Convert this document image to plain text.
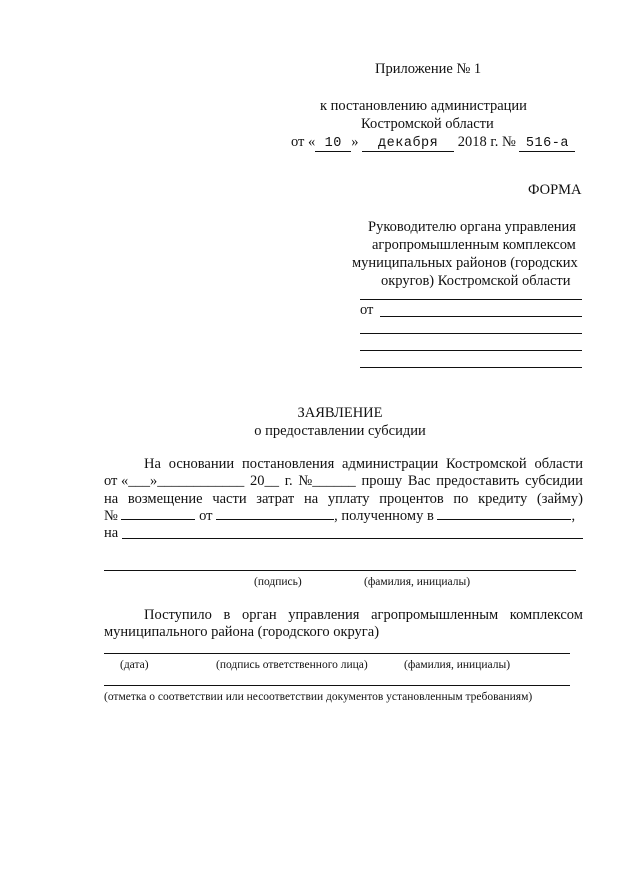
Приложение № 1
к постановлению администрации
Костромской области
от « 10 » декабря 2018 г. № 516-а
ФОРМА
Руководителю органа управления
агропромышленным комплексом
муниципальных районов (городских
округов) Костромской области
от
ЗАЯВЛЕНИЕ
о предоставлении субсидии
На основании постановления администрации Костромской области
от «___»____________ 20__ г. №______ прошу Вас предоставить субсидии
на возмещение части затрат на уплату процентов по кредиту (займу)
№	от	, полученному в	,
на
(подпись)	(фамилия, инициалы)
Поступило в орган управления агропромышленным комплексом
муниципального района (городского округа)
(дата)	(подпись ответственного лица)	(фамилия, инициалы)
(отметка о соответствии или несоответствии документов установленным требованиям)
